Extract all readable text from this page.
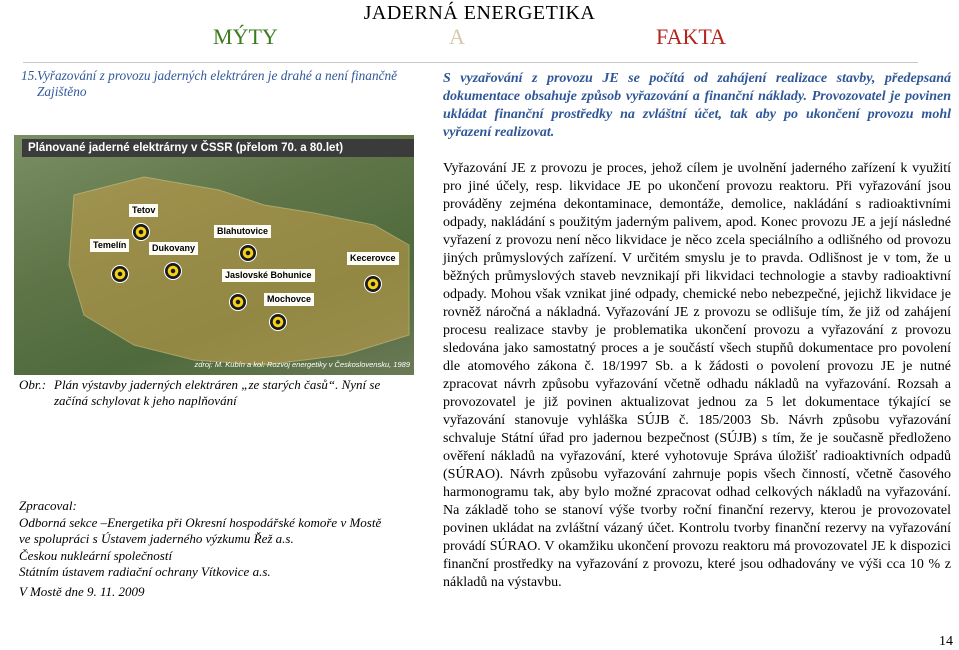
JADERNÁ ENERGETIKA
MÝTY	A	FAKTA
15. Vyřazování z provozu jaderných elektráren je drahé a není finančně Zajištěno
S vyzařování z provozu JE se počítá od zahájení realizace stavby, předepsaná dokumentace obsahuje způsob vyřazování a finanční náklady. Provozovatel je povinen ukládat finanční prostředky na zvláštní účet, tak aby po ukončení provozu mohl vyřazení realizovat.

Vyřazování JE z provozu je proces, jehož cílem je uvolnění jaderného zařízení k využití pro jiné účely, resp. likvidace JE po ukončení provozu reaktoru. Při vyřazování jsou prováděny zejména dekontaminace, demontáže, demolice, nakládání s radioaktivními odpady, nakládání s použitým jaderným palivem, apod. Konec provozu JE a její následné vyřazení z provozu není něco likvidace je něco zcela speciálního a odlišného od provozu jiných průmyslových zařízení. V určitém smyslu je to pravda. Odlišnost je v tom, že u běžných průmyslových staveb nevznikají při likvidaci technologie a stavby radioaktivní odpady. Mohou však vznikat jiné odpady, chemické nebo nebezpečné, jejichž likvidace je rovněž náročná a nákladná. Vyřazování JE z provozu se odlišuje tím, že již od zahájení procesu realizace stavby je problematika ukončení provozu a vyřazování z provozu sledována jako samostatný proces a je součástí všech stupňů dokumentace pro povolení dle atomového zákona č. 18/1997 Sb. a k žádosti o povolení provozu JE je nutné zpracovat návrh způsobu vyřazování včetně odhadu nákladů na vyřazování. Rozsah a provozovatel je již povinen aktualizovat jednou za 5 let dokumentace týkající se vyřazování stanovuje vyhláška SÚJB č. 185/2003 Sb. Návrh způsobu vyřazování schvaluje Státní úřad pro jadernou bezpečnost (SÚJB) s tím, že je současně předloženo ověření nákladů na vyřazování, které vyhotovuje Správa úložišť radioaktivních odpadů (SÚRAO). Návrh způsobu vyřazování zahrnuje popis všech činností, včetně časového harmonogramu tak, aby bylo možné zpracovat odhad celkových nákladů na vyřazování. Na základě toho se stanoví výše tvorby roční finanční rezervy, kterou je provozovatel povinen ukládat na zvláštní vázaný účet. Kontrolu tvorby finanční rezervy na vyřazování provádí SÚRAO. V okamžiku ukončení provozu reaktoru má provozovatel JE k dispozici finanční prostředky na vyřazování z provozu, které jsou odhadovány ve výši cca 10 % z nákladů na výstavbu.

Plánované jaderné elektrárny v ČSSR (přelom 70. a 80.let)
Tetov
Temelín	Dukovany
Blahutovice
Jaslovské Bohunice
Mochovce
Kecerovce
zdroj: M. Kubín a kol: Rozvoj energetiky v Československu, 1989
Obr.: Plán výstavby jaderných elektráren „ze starých časů“. Nyní se začíná schylovat k jeho naplňování
Zpracoval:
Odborná sekce –Energetika při Okresní hospodářské komoře v Mostě
ve spolupráci s Ústavem jaderného výzkumu Řež a.s.
Českou nukleární společností
Státním ústavem radiační ochrany Vítkovice a.s.
V Mostě dne 9. 11. 2009
14
